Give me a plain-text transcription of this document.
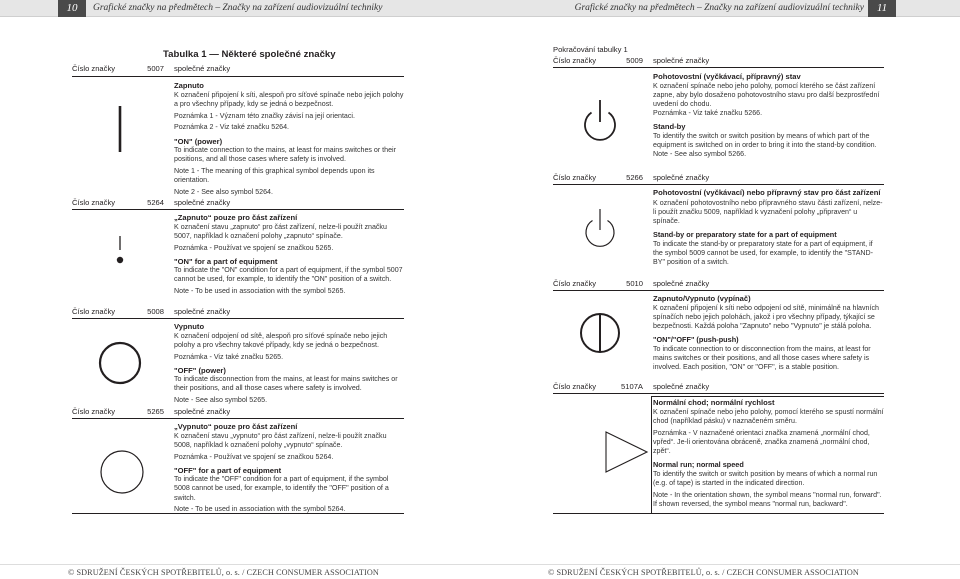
10	Grafické značky na předmětech – Značky na zařízení audiovizuální techniky	Grafické značky na předmětech – Značky na zařízení audiovizuální techniky	11
Tabulka 1 — Některé společné značky
Číslo značky	5007 společné značky
Zapnuto
K označení připojení k síti, alespoň pro síťové spínače nebo jejich polohy a pro všechny případy, kdy se jedná o bezpečnost.
Poznámka 1 - Význam této značky závisí na její orientaci.
Poznámka 2 - Viz také značku 5264.
"ON" (power)
To indicate connection to the mains, at least for mains switches or their positions, and all those cases where safety is involved.
Note 1 - The meaning of this graphical symbol depends upon its orientation.
Note 2 - See also symbol 5264.
Číslo značky	5264 společné značky
„Zapnuto“ pouze pro část zařízení
K označení stavu „zapnuto“ pro část zařízení, nelze-li použít značku 5007, například k označení polohy „zapnuto“ spínače.
Poznámka - Používat ve spojení se značkou 5265.
"ON" for a part of equipment
To indicate the "ON" condition for a part of equipment, if the symbol 5007 cannot be used, for example, to identify the "ON" position of a switch.
Note - To be used in association with the symbol 5265.
Číslo značky	5008 společné značky
Vypnuto
K označení odpojení od sítě, alespoň pro síťové spínače nebo jejich polohy a pro všechny takové případy, kdy se jedná o bezpečnost.
Poznámka - Viz také značku 5265.
"OFF" (power)
To indicate disconnection from the mains, at least for mains switches or their positions, and all those cases where safety is involved.
Note - See also symbol 5265.
Číslo značky	5265 společné značky
„Vypnuto“ pouze pro část zařízení
K označení stavu „vypnuto“ pro část zařízení, nelze-li použít značku 5008, například k označení polohy „vypnuto“ spínače.
Poznámka - Používat ve spojení se značkou 5264.
"OFF" for a part of equipment
To indicate the "OFF" condition for a part of equipment, if the symbol 5008 cannot be used, for example, to identify the "OFF" position of a switch.
Note - To be used in association with the symbol 5264.
Pokračování tabulky 1
Číslo značky	5009 společné značky
Pohotovostní (vyčkávací, přípravný) stav
K označení spínače nebo jeho polohy, pomocí kterého se část zařízení zapne, aby bylo dosaženo pohotovostního stavu pro další bezprostřední uvedení do chodu.
Poznámka - Viz také značku 5266.
Stand-by
To identify the switch or switch position by means of which part of the equipment is switched on in order to bring it into the stand-by condition.
Note - See also symbol 5266.
Číslo značky	5266 společné značky
Pohotovostní (vyčkávací) nebo přípravný stav pro část zařízení
K označení pohotovostního nebo přípravného stavu části zařízení, nelze-li použít značku 5009, například k vyznačení polohy „připraven“ u spínače.
Stand-by or preparatory state for a part of equipment
To indicate the stand-by or preparatory state for a part of equipment, if the symbol 5009 cannot be used, for example, to identify the "STAND-BY" position of a switch.
Číslo značky	5010 společné značky
Zapnuto/Vypnuto (vypínač)
K označení připojení k síti nebo odpojení od sítě, minimálně na hlavních spínačích nebo jejich polohách, jakož i pro všechny případy, týkající se bezpečnosti. Každá poloha "Zapnuto" nebo "Vypnuto" je stálá poloha.
"ON"/"OFF" (push-push)
To indicate connection to or disconnection from the mains, at least for mains switches or their positions, and all those cases where safety is involved. Each position, "ON" or "OFF", is a stable position.
Číslo značky	5107A společné značky
Normální chod; normální rychlost
K označení spínače nebo jeho polohy, pomocí kterého se spustí normální chod (například pásku) v naznačeném směru.
Poznámka - V naznačené orientaci značka znamená „normální chod, vpřed“. Je-li orientována obráceně, značka znamená „normální chod, zpět“.
Normal run; normal speed
To identify the switch or switch position by means of which a normal run (e.g. of tape) is started in the indicated direction.
Note - In the orientation shown, the symbol means "normal run, forward". If shown reversed, the symbol means "normal run, backward".
© SDRUŽENÍ ČESKÝCH SPOTŘEBITELŮ, o. s. / CZECH CONSUMER ASSOCIATION	© SDRUŽENÍ ČESKÝCH SPOTŘEBITELŮ, o. s. / CZECH CONSUMER ASSOCIATION
